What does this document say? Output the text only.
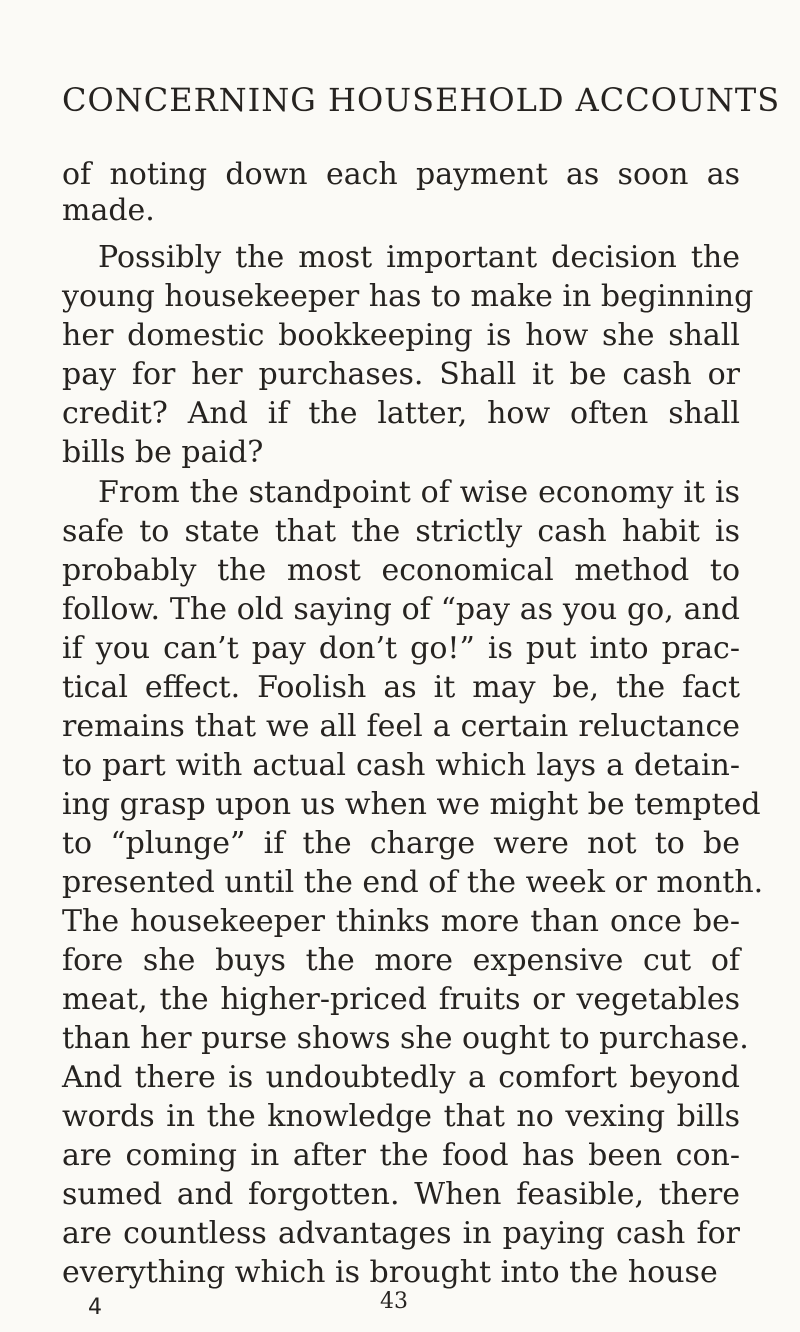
CONCERNING HOUSEHOLD ACCOUNTS
of noting down each payment as soon as
made.
Possibly the most important decision the
young housekeeper has to make in beginning
her domestic bookkeeping is how she shall
pay for her purchases. Shall it be cash or
credit? And if the latter, how often shall
bills be paid?
From the standpoint of wise economy it is
safe to state that the strictly cash habit is
probably the most economical method to
follow. The old saying of “pay as you go, and
if you can’t pay don’t go!” is put into prac-
tical effect. Foolish as it may be, the fact
remains that we all feel a certain reluctance
to part with actual cash which lays a detain-
ing grasp upon us when we might be tempted
to “plunge” if the charge were not to be
presented until the end of the week or month.
The housekeeper thinks more than once be-
fore she buys the more expensive cut of
meat, the higher-priced fruits or vegetables
than her purse shows she ought to purchase.
And there is undoubtedly a comfort beyond
words in the knowledge that no vexing bills
are coming in after the food has been con-
sumed and forgotten. When feasible, there
are countless advantages in paying cash for
everything which is brought into the house
4	43
